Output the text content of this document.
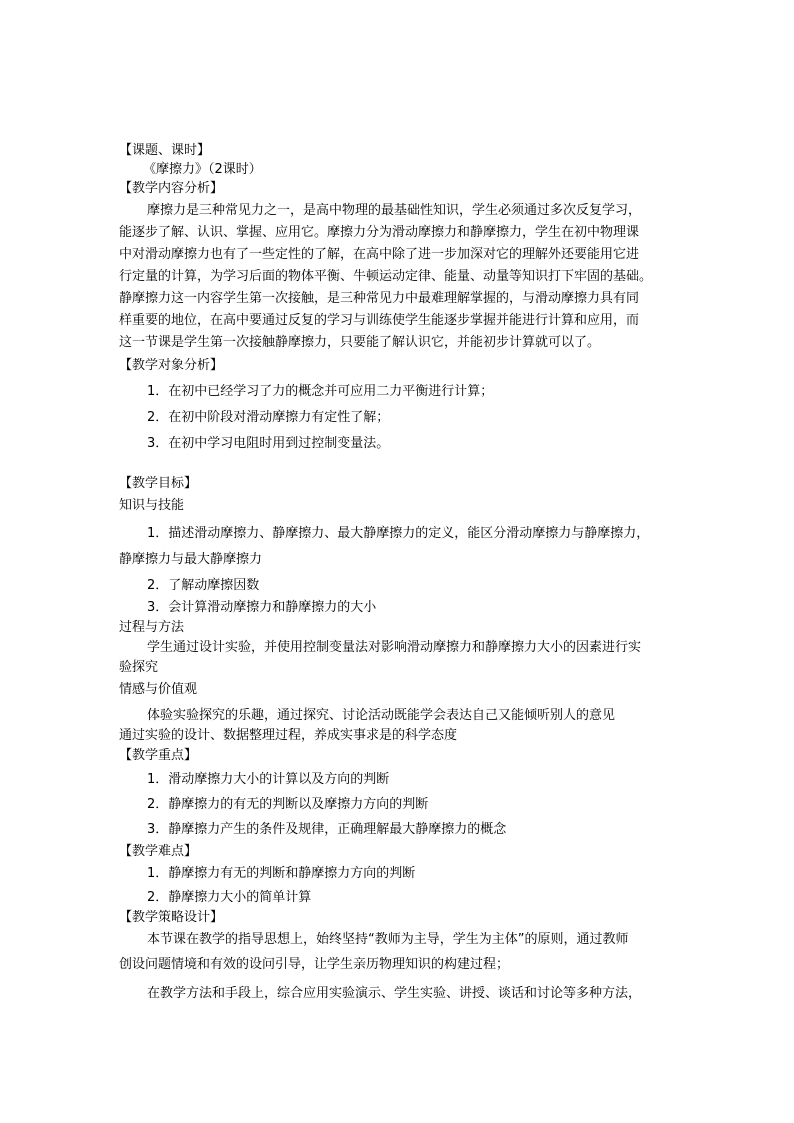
【课题、课时】
《摩擦力》（2课时）
【教学内容分析】
摩擦力是三种常见力之一，是高中物理的最基础性知识，学生必须通过多次反复学习，
能逐步了解、认识、掌握、应用它。摩擦力分为滑动摩擦力和静摩擦力，学生在初中物理课
中对滑动摩擦力也有了一些定性的了解，在高中除了进一步加深对它的理解外还要能用它进
行定量的计算，为学习后面的物体平衡、牛顿运动定律、能量、动量等知识打下牢固的基础。
静摩擦力这一内容学生第一次接触，是三种常见力中最难理解掌握的，与滑动摩擦力具有同
样重要的地位，在高中要通过反复的学习与训练使学生能逐步掌握并能进行计算和应用，而
这一节课是学生第一次接触静摩擦力，只要能了解认识它，并能初步计算就可以了。
【教学对象分析】
1．在初中已经学习了力的概念并可应用二力平衡进行计算；
2．在初中阶段对滑动摩擦力有定性了解；
3．在初中学习电阻时用到过控制变量法。
【教学目标】
知识与技能
1．描述滑动摩擦力、静摩擦力、最大静摩擦力的定义，能区分滑动摩擦力与静摩擦力，
静摩擦力与最大静摩擦力
2．了解动摩擦因数
3．会计算滑动摩擦力和静摩擦力的大小
过程与方法
学生通过设计实验，并使用控制变量法对影响滑动摩擦力和静摩擦力大小的因素进行实
验探究
情感与价值观
体验实验探究的乐趣，通过探究、讨论活动既能学会表达自己又能倾听别人的意见
通过实验的设计、数据整理过程，养成实事求是的科学态度
【教学重点】
1．滑动摩擦力大小的计算以及方向的判断
2．静摩擦力的有无的判断以及摩擦力方向的判断
3．静摩擦力产生的条件及规律，正确理解最大静摩擦力的概念
【教学难点】
1．静摩擦力有无的判断和静摩擦力方向的判断
2．静摩擦力大小的简单计算
【教学策略设计】
本节课在教学的指导思想上，始终坚持“教师为主导，学生为主体”的原则，通过教师
创设问题情境和有效的设问引导，让学生亲历物理知识的构建过程；
在教学方法和手段上，综合应用实验演示、学生实验、讲授、谈话和讨论等多种方法，
